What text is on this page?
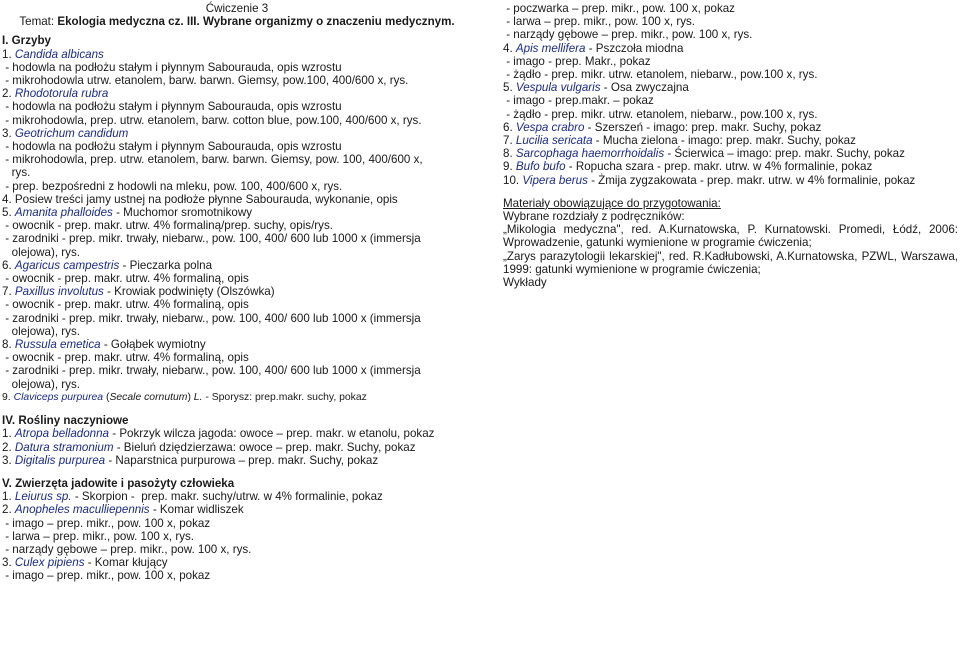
Ćwiczenie 3
Temat: Ekologia medyczna cz. III. Wybrane organizmy o znaczeniu medycznym.
I. Grzyby
1. Candida albicans
- hodowla na podłożu stałym i płynnym Sabourauda, opis wzrostu
- mikrohodowla utrw. etanolem, barw. barwn. Giemsy, pow.100, 400/600 x, rys.
2. Rhodotorula rubra
- hodowla na podłożu stałym i płynnym Sabourauda, opis wzrostu
- mikrohodowla, prep. utrw. etanolem, barw. cotton blue, pow.100, 400/600 x, rys.
3. Geotrichum candidum
- hodowla na podłożu stałym i płynnym Sabourauda, opis wzrostu
- mikrohodowla, prep. utrw. etanolem, barw. barwn. Giemsy, pow. 100, 400/600 x,
rys.
- prep. bezpośredni z hodowli na mleku, pow. 100, 400/600 x, rys.
4. Posiew treści jamy ustnej na podłoże płynne Sabourauda, wykonanie, opis
5. Amanita phalloides - Muchomor sromotnikowy
- owocnik - prep. makr. utrw. 4% formaliną/prep. suchy, opis/rys.
- zarodniki - prep. mikr. trwały, niebarw., pow. 100, 400/ 600 lub 1000 x (immersja
olejowa), rys.
6. Agaricus campestris - Pieczarka polna
- owocnik - prep. makr. utrw. 4% formaliną, opis
7. Paxillus involutus - Krowiak podwinięty (Olszówka)
- owocnik - prep. makr. utrw. 4% formaliną, opis
- zarodniki - prep. mikr. trwały, niebarw., pow. 100, 400/ 600 lub 1000 x (immersja
olejowa), rys.
8. Russula emetica - Gołąbek wymiotny
- owocnik - prep. makr. utrw. 4% formaliną, opis
- zarodniki - prep. mikr. trwały, niebarw., pow. 100, 400/ 600 lub 1000 x (immersja
olejowa), rys.
9. Claviceps purpurea (Secale cornutum) L. - Sporysz: prep.makr. suchy, pokaz
IV. Rośliny naczyniowe
1. Atropa belladonna - Pokrzyk wilcza jagoda: owoce – prep. makr. w etanolu, pokaz
2. Datura stramonium - Bieluń dziędzierzawa: owoce – prep. makr. Suchy, pokaz
3. Digitalis purpurea - Naparstnica purpurowa – prep. makr. Suchy, pokaz
V. Zwierzęta jadowite i pasożyty człowieka
1. Leiurus sp. - Skorpion -  prep. makr. suchy/utrw. w 4% formalinie, pokaz
2. Anopheles maculliepennis - Komar widliszek
- imago – prep. mikr., pow. 100 x, pokaz
- larwa – prep. mikr., pow. 100 x, rys.
- narządy gębowe – prep. mikr., pow. 100 x, rys.
3. Culex pipiens - Komar kłujący
- imago – prep. mikr., pow. 100 x, pokaz
- poczwarka – prep. mikr., pow. 100 x, pokaz
- larwa – prep. mikr., pow. 100 x, rys.
- narządy gębowe – prep. mikr., pow. 100 x, rys.
4. Apis mellifera - Pszczoła miodna
- imago - prep. Makr., pokaz
- żądło - prep. mikr. utrw. etanolem, niebarw., pow.100 x, rys.
5. Vespula vulgaris - Osa zwyczajna
- imago - prep.makr. – pokaz
- żądło - prep. mikr. utrw. etanolem, niebarw., pow.100 x, rys.
6. Vespa crabro - Szerszeń - imago: prep. makr. Suchy, pokaz
7. Lucilia sericata - Mucha zielona - imago: prep. makr. Suchy, pokaz
8. Sarcophaga haemorrhoidalis - Ścierwica – imago: prep. makr. Suchy, pokaz
9. Bufo bufo - Ropucha szara - prep. makr. utrw. w 4% formalinie, pokaz
10. Vipera berus - Żmija zygzakowata - prep. makr. utrw. w 4% formalinie, pokaz
Materiały obowiązujące do przygotowania:
Wybrane rozdziały z podręczników:
„Mikologia medyczna", red. A.Kurnatowska, P. Kurnatowski. Promedi, Łódź, 2006: Wprowadzenie, gatunki wymienione w programie ćwiczenia;
„Zarys parazytologii lekarskiej", red. R.Kadłubowski, A.Kurnatowska, PZWL, Warszawa, 1999: gatunki wymienione w programie ćwiczenia;
Wykłady
